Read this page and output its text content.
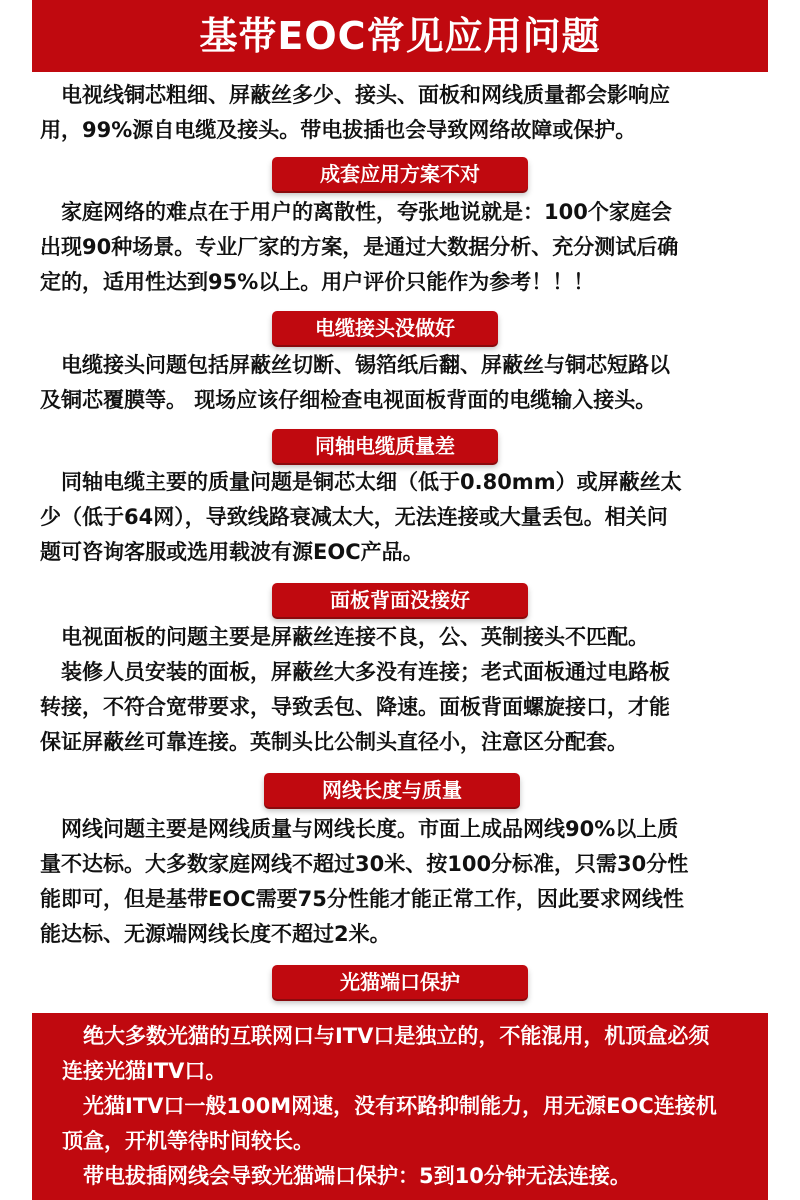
基带EOC常见应用问题

　电视线铜芯粗细、屏蔽丝多少、接头、面板和网线质量都会影响应
用，99%源自电缆及接头。带电拔插也会导致网络故障或保护。

成套应用方案不对

　家庭网络的难点在于用户的离散性，夸张地说就是：100个家庭会
出现90种场景。专业厂家的方案，是通过大数据分析、充分测试后确
定的，适用性达到95%以上。用户评价只能作为参考！！！

电缆接头没做好

　电缆接头问题包括屏蔽丝切断、锡箔纸后翻、屏蔽丝与铜芯短路以
及铜芯覆膜等。 现场应该仔细检查电视面板背面的电缆输入接头。

同轴电缆质量差

　同轴电缆主要的质量问题是铜芯太细（低于0.80mm）或屏蔽丝太
少（低于64网），导致线路衰减太大，无法连接或大量丢包。相关问
题可咨询客服或选用载波有源EOC产品。

面板背面没接好

　电视面板的问题主要是屏蔽丝连接不良，公、英制接头不匹配。
　装修人员安装的面板，屏蔽丝大多没有连接；老式面板通过电路板
转接，不符合宽带要求，导致丢包、降速。面板背面螺旋接口，才能
保证屏蔽丝可靠连接。英制头比公制头直径小，注意区分配套。

网线长度与质量

　网线问题主要是网线质量与网线长度。市面上成品网线90%以上质
量不达标。大多数家庭网线不超过30米、按100分标准，只需30分性
能即可，但是基带EOC需要75分性能才能正常工作，因此要求网线性
能达标、无源端网线长度不超过2米。

光猫端口保护

　绝大多数光猫的互联网口与ITV口是独立的，不能混用，机顶盒必须
连接光猫ITV口。
　光猫ITV口一般100M网速，没有环路抑制能力，用无源EOC连接机
顶盒，开机等待时间较长。
　带电拔插网线会导致光猫端口保护：5到10分钟无法连接。
